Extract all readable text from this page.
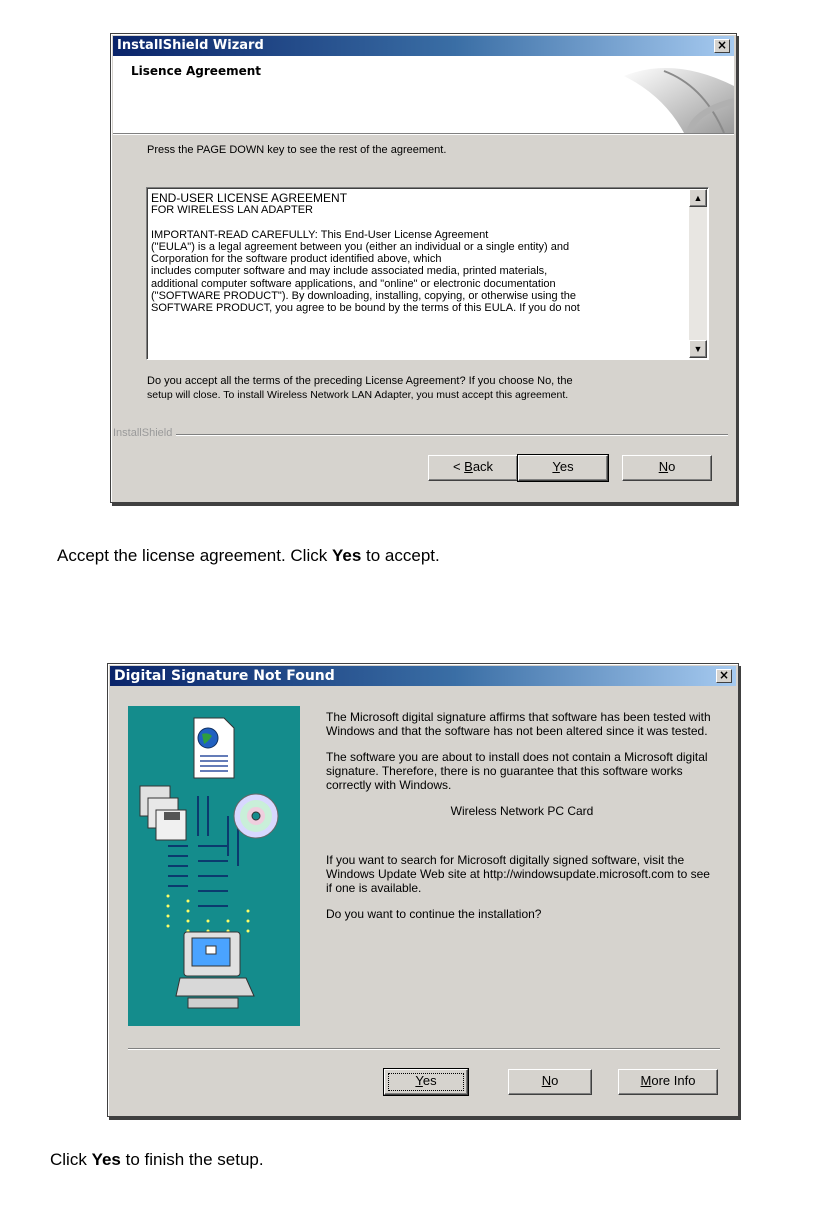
InstallShield Wizard	×
Lisence Agreement
Press the PAGE DOWN key to see the rest of the agreement.
END-USER LICENSE AGREEMENT
FOR WIRELESS LAN ADAPTER
IMPORTANT-READ CAREFULLY: This End-User License Agreement
("EULA") is a legal agreement between you (either an individual or a single entity) and
Corporation for the software product identified above, which
includes computer software and may include associated media, printed materials,
additional computer software applications, and "online" or electronic documentation
("SOFTWARE PRODUCT"). By downloading, installing, copying, or otherwise using the
SOFTWARE PRODUCT, you agree to be bound by the terms of this EULA. If you do not
▲
▼
Do you accept all the terms of the preceding License Agreement? If you choose No, the
setup will close. To install Wireless Network LAN Adapter, you must accept this agreement.
InstallShield
< Back	Yes	No
Accept the license agreement. Click Yes to accept.
Digital Signature Not Found	×
The Microsoft digital signature affirms that software has been tested with Windows and that the software has not been altered since it was tested.
The software you are about to install does not contain a Microsoft digital signature. Therefore, there is no guarantee that this software works correctly with Windows.
Wireless Network PC Card
If you want to search for Microsoft digitally signed software, visit the Windows Update Web site at http://windowsupdate.microsoft.com to see if one is available.
Do you want to continue the installation?
Yes	No	More Info
Click Yes to finish the setup.
